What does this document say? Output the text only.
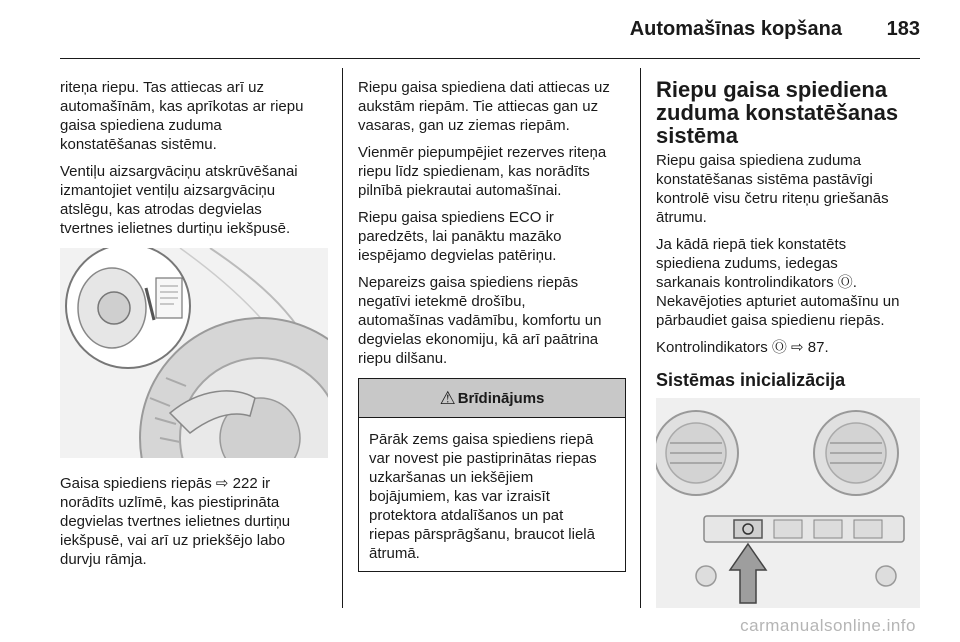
Automašīnas kopšana 183

riteņa riepu. Tas attiecas arī uz
automašīnām, kas aprīkotas ar riepu
gaisa spiediena zuduma
konstatēšanas sistēmu.

Ventiļu aizsargvāciņu atskrūvēšanai
izmantojiet ventiļu aizsargvāciņu
atslēgu, kas atrodas degvielas
tvertnes ielietnes durtiņu iekšpusē.

Gaisa spiediens riepās ⇨ 222 ir
norādīts uzlīmē, kas piestiprināta
degvielas tvertnes ielietnes durtiņu
iekšpusē, vai arī uz priekšējo labo
durvju rāmja.

Riepu gaisa spiediena dati attiecas uz
aukstām riepām. Tie attiecas gan uz
vasaras, gan uz ziemas riepām.

Vienmēr piepumpējiet rezerves riteņa
riepu līdz spiedienam, kas norādīts
pilnībā piekrautai automašīnai.

Riepu gaisa spiediens ECO ir
paredzēts, lai panāktu mazāko
iespējamo degvielas patēriņu.

Nepareizs gaisa spiediens riepās
negatīvi ietekmē drošību,
automašīnas vadāmību, komfortu un
degvielas ekonomiju, kā arī paātrina
riepu dilšanu.

⚠ Brīdinājums
Pārāk zems gaisa spiediens riepā
var novest pie pastiprinātas riepas
uzkaršanas un iekšējiem
bojājumiem, kas var izraisīt
protektora atdalīšanos un pat
riepas pārsprāgšanu, braucot lielā
ātrumā.
Riepu gaisa spiediena
zuduma konstatēšanas
sistēma

Riepu gaisa spiediena zuduma
konstatēšanas sistēma pastāvīgi
kontrolē visu četru riteņu griešanās
ātrumu.

Ja kādā riepā tiek konstatēts
spiediena zudums, iedegas
sarkanais kontrolindikators Ⓞ.
Nekavējoties apturiet automašīnu un
pārbaudiet gaisa spiedienu riepās.

Kontrolindikators Ⓞ ⇨ 87.

Sistēmas inicializācija
carmanualsonline.info
